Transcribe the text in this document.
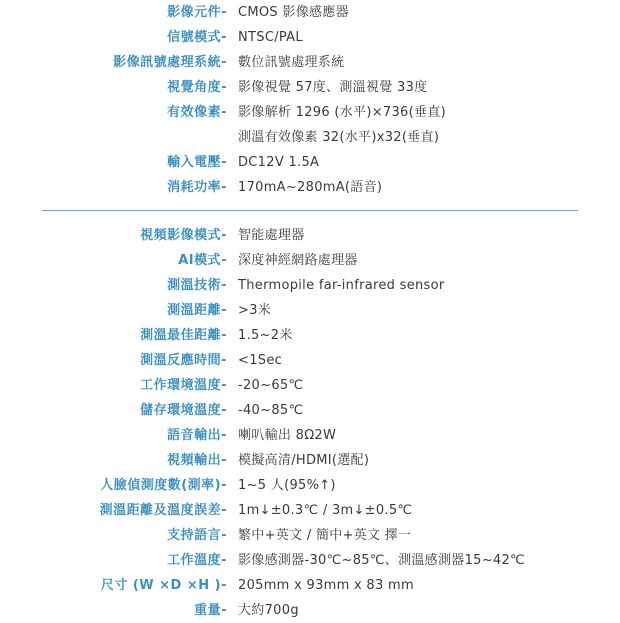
影像元件- CMOS 影像感應器
信號模式- NTSC/PAL
影像訊號處理系統- 數位訊號處理系統
視覺角度- 影像視覺 57度、測溫視覺 33度
有效像素- 影像解析 1296 (水平)×736(垂直)
測溫有效像素 32(水平)x32(垂直)
輸入電壓- DC12V 1.5A
消耗功率- 170mA~280mA(語音)
視頻影像模式- 智能處理器
AI模式- 深度神經網路處理器
測溫技術- Thermopile far-infrared sensor
測溫距離- >3米
測溫最佳距離- 1.5~2米
測溫反應時間- <1Sec
工作環境溫度- -20~65℃
儲存環境溫度- -40~85℃
語音輸出- 喇叭輸出 8Ω2W
視頻輸出- 模擬高清/HDMI(選配)
人臉偵測度數(測率)- 1~5 人(95%↑)
測溫距離及溫度誤差- 1m↓±0.3℃ / 3m↓±0.5℃
支持語言- 繁中+英文 / 簡中+英文 擇一
工作溫度- 影像感測器-30℃~85℃、測溫感測器15~42℃
尺寸 (W ×D ×H )- 205mm x 93mm x 83 mm
重量- 大約700g
